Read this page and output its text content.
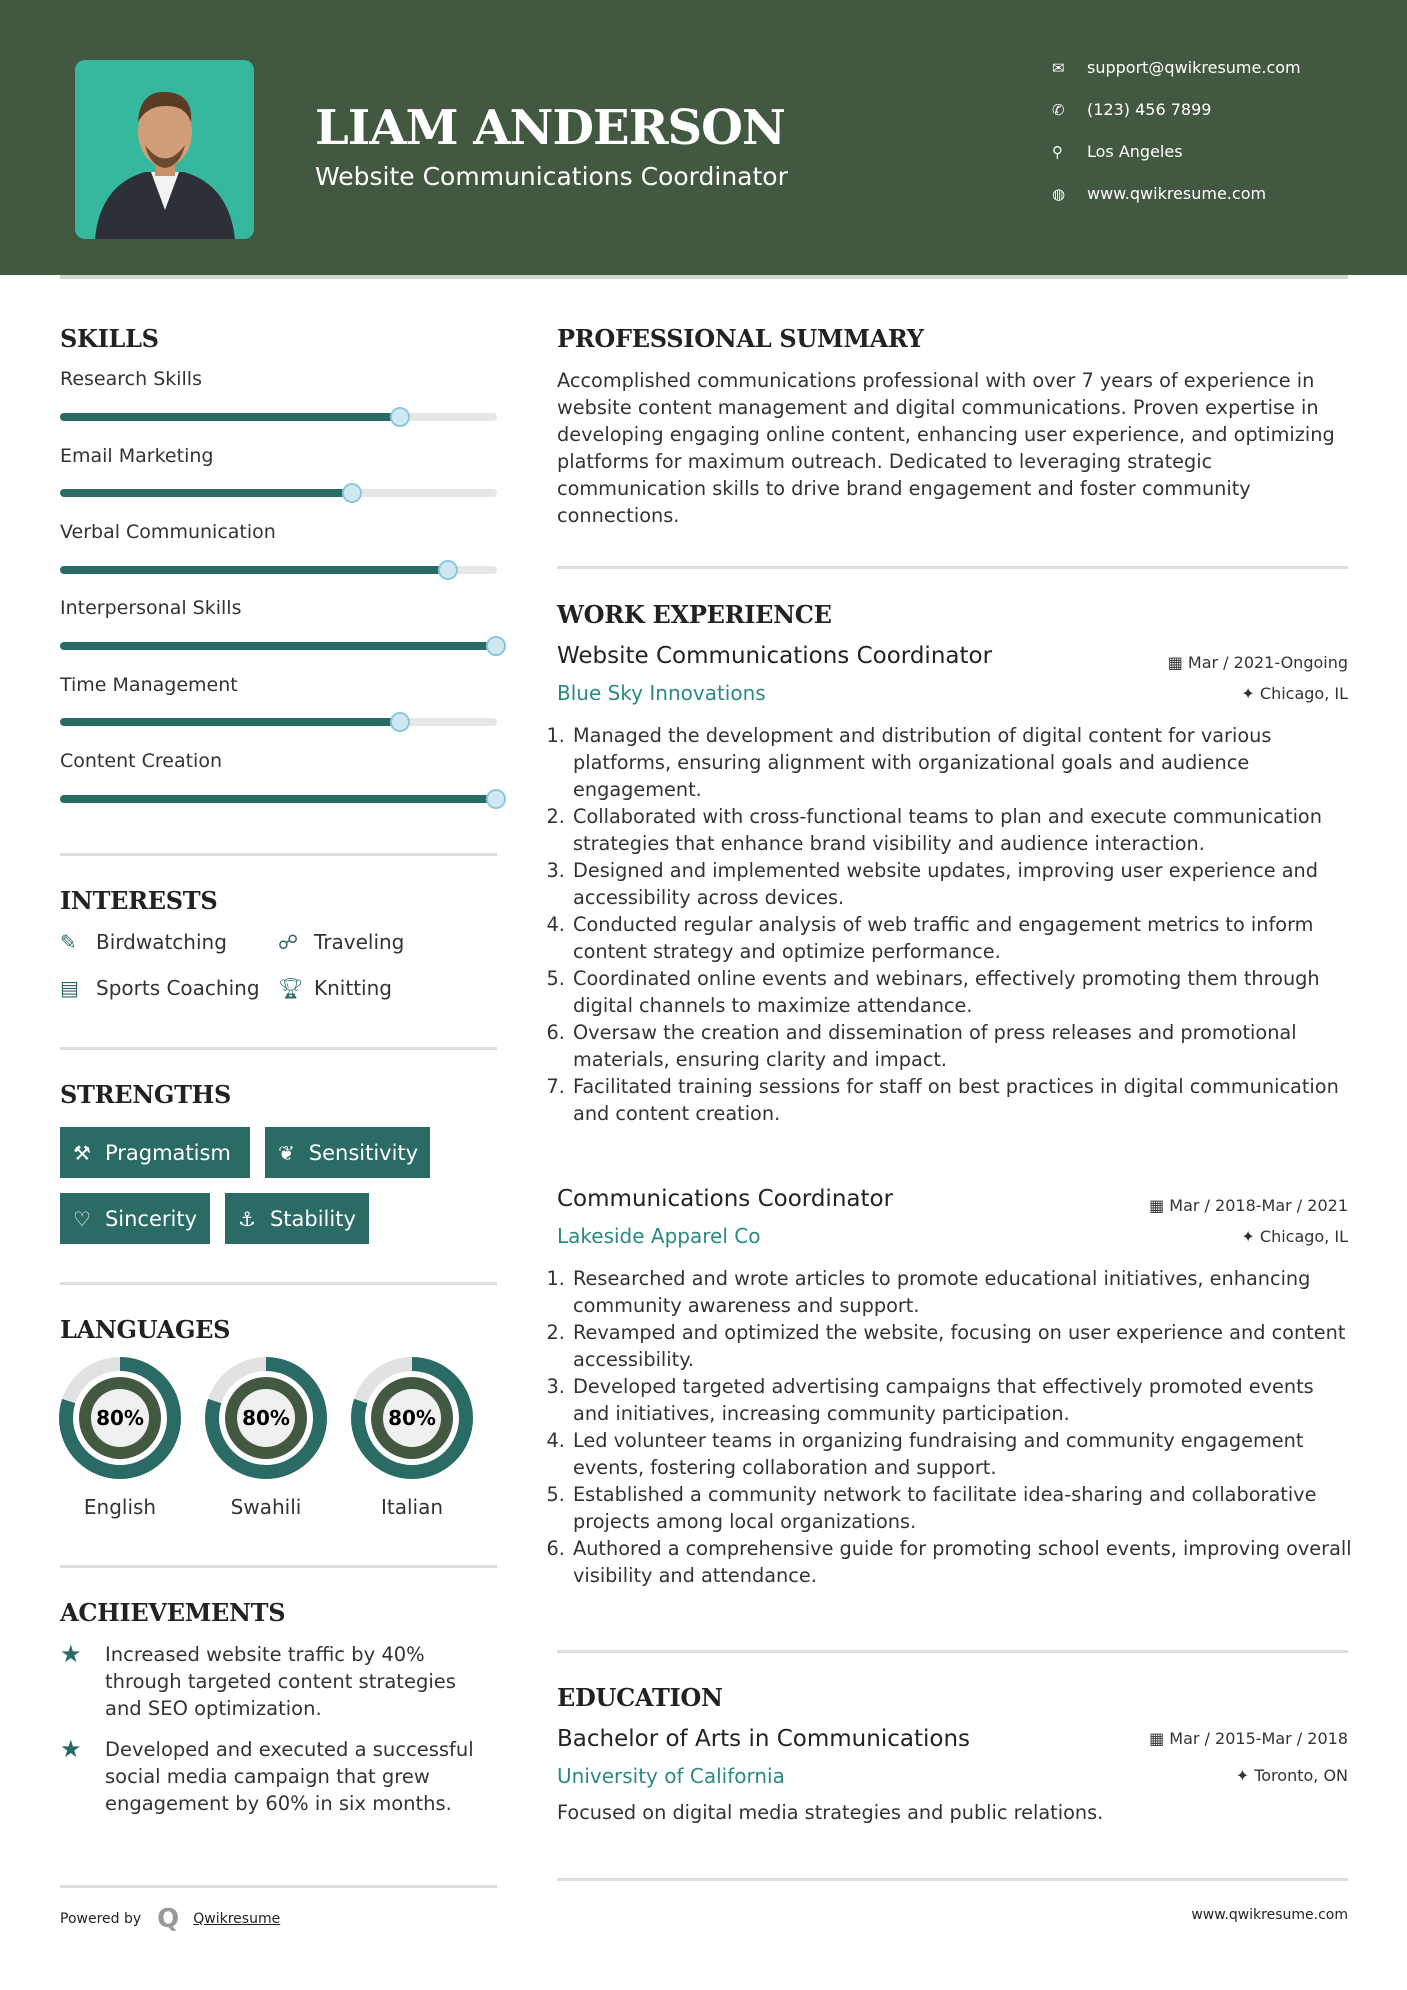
LIAM ANDERSON
Website Communications Coordinator
✉	support@qwikresume.com
✆	(123) 456 7899
⚲	Los Angeles
◍	www.qwikresume.com
SKILLS
Research Skills
Email Marketing
Verbal Communication
Interpersonal Skills
Time Management
Content Creation
INTERESTS
✎ Birdwatching	☍ Traveling
▤ Sports Coaching 🏆︎ Knitting
STRENGTHS
⚒ Pragmatism ❦ Sensitivity
♡ Sincerity ⚓︎ Stability
LANGUAGES
80%
English
80%
Swahili
80%
Italian
ACHIEVEMENTS
★	Increased website traffic by 40% through targeted content strategies and SEO optimization.
★	Developed and executed a successful social media campaign that grew engagement by 60% in six months.
Powered by Q Qwikresume	www.qwikresume.com
PROFESSIONAL SUMMARY
Accomplished communications professional with over 7 years of experience in website content management and digital communications. Proven expertise in developing engaging online content, enhancing user experience, and optimizing platforms for maximum outreach. Dedicated to leveraging strategic communication skills to drive brand engagement and foster community connections.
WORK EXPERIENCE
Website Communications Coordinator	▦ Mar / 2021-Ongoing
Blue Sky Innovations	✦ Chicago, IL
1. Managed the development and distribution of digital content for various platforms, ensuring alignment with organizational goals and audience engagement.
2. Collaborated with cross-functional teams to plan and execute communication strategies that enhance brand visibility and audience interaction.
3. Designed and implemented website updates, improving user experience and accessibility across devices.
4. Conducted regular analysis of web traffic and engagement metrics to inform content strategy and optimize performance.
5. Coordinated online events and webinars, effectively promoting them through digital channels to maximize attendance.
6. Oversaw the creation and dissemination of press releases and promotional materials, ensuring clarity and impact.
7. Facilitated training sessions for staff on best practices in digital communication and content creation.
Communications Coordinator	▦ Mar / 2018-Mar / 2021
Lakeside Apparel Co	✦ Chicago, IL
1. Researched and wrote articles to promote educational initiatives, enhancing community awareness and support.
2. Revamped and optimized the website, focusing on user experience and content accessibility.
3. Developed targeted advertising campaigns that effectively promoted events and initiatives, increasing community participation.
4. Led volunteer teams in organizing fundraising and community engagement events, fostering collaboration and support.
5. Established a community network to facilitate idea-sharing and collaborative projects among local organizations.
6. Authored a comprehensive guide for promoting school events, improving overall visibility and attendance.
EDUCATION
Bachelor of Arts in Communications	▦ Mar / 2015-Mar / 2018
University of California	✦ Toronto, ON
Focused on digital media strategies and public relations.
